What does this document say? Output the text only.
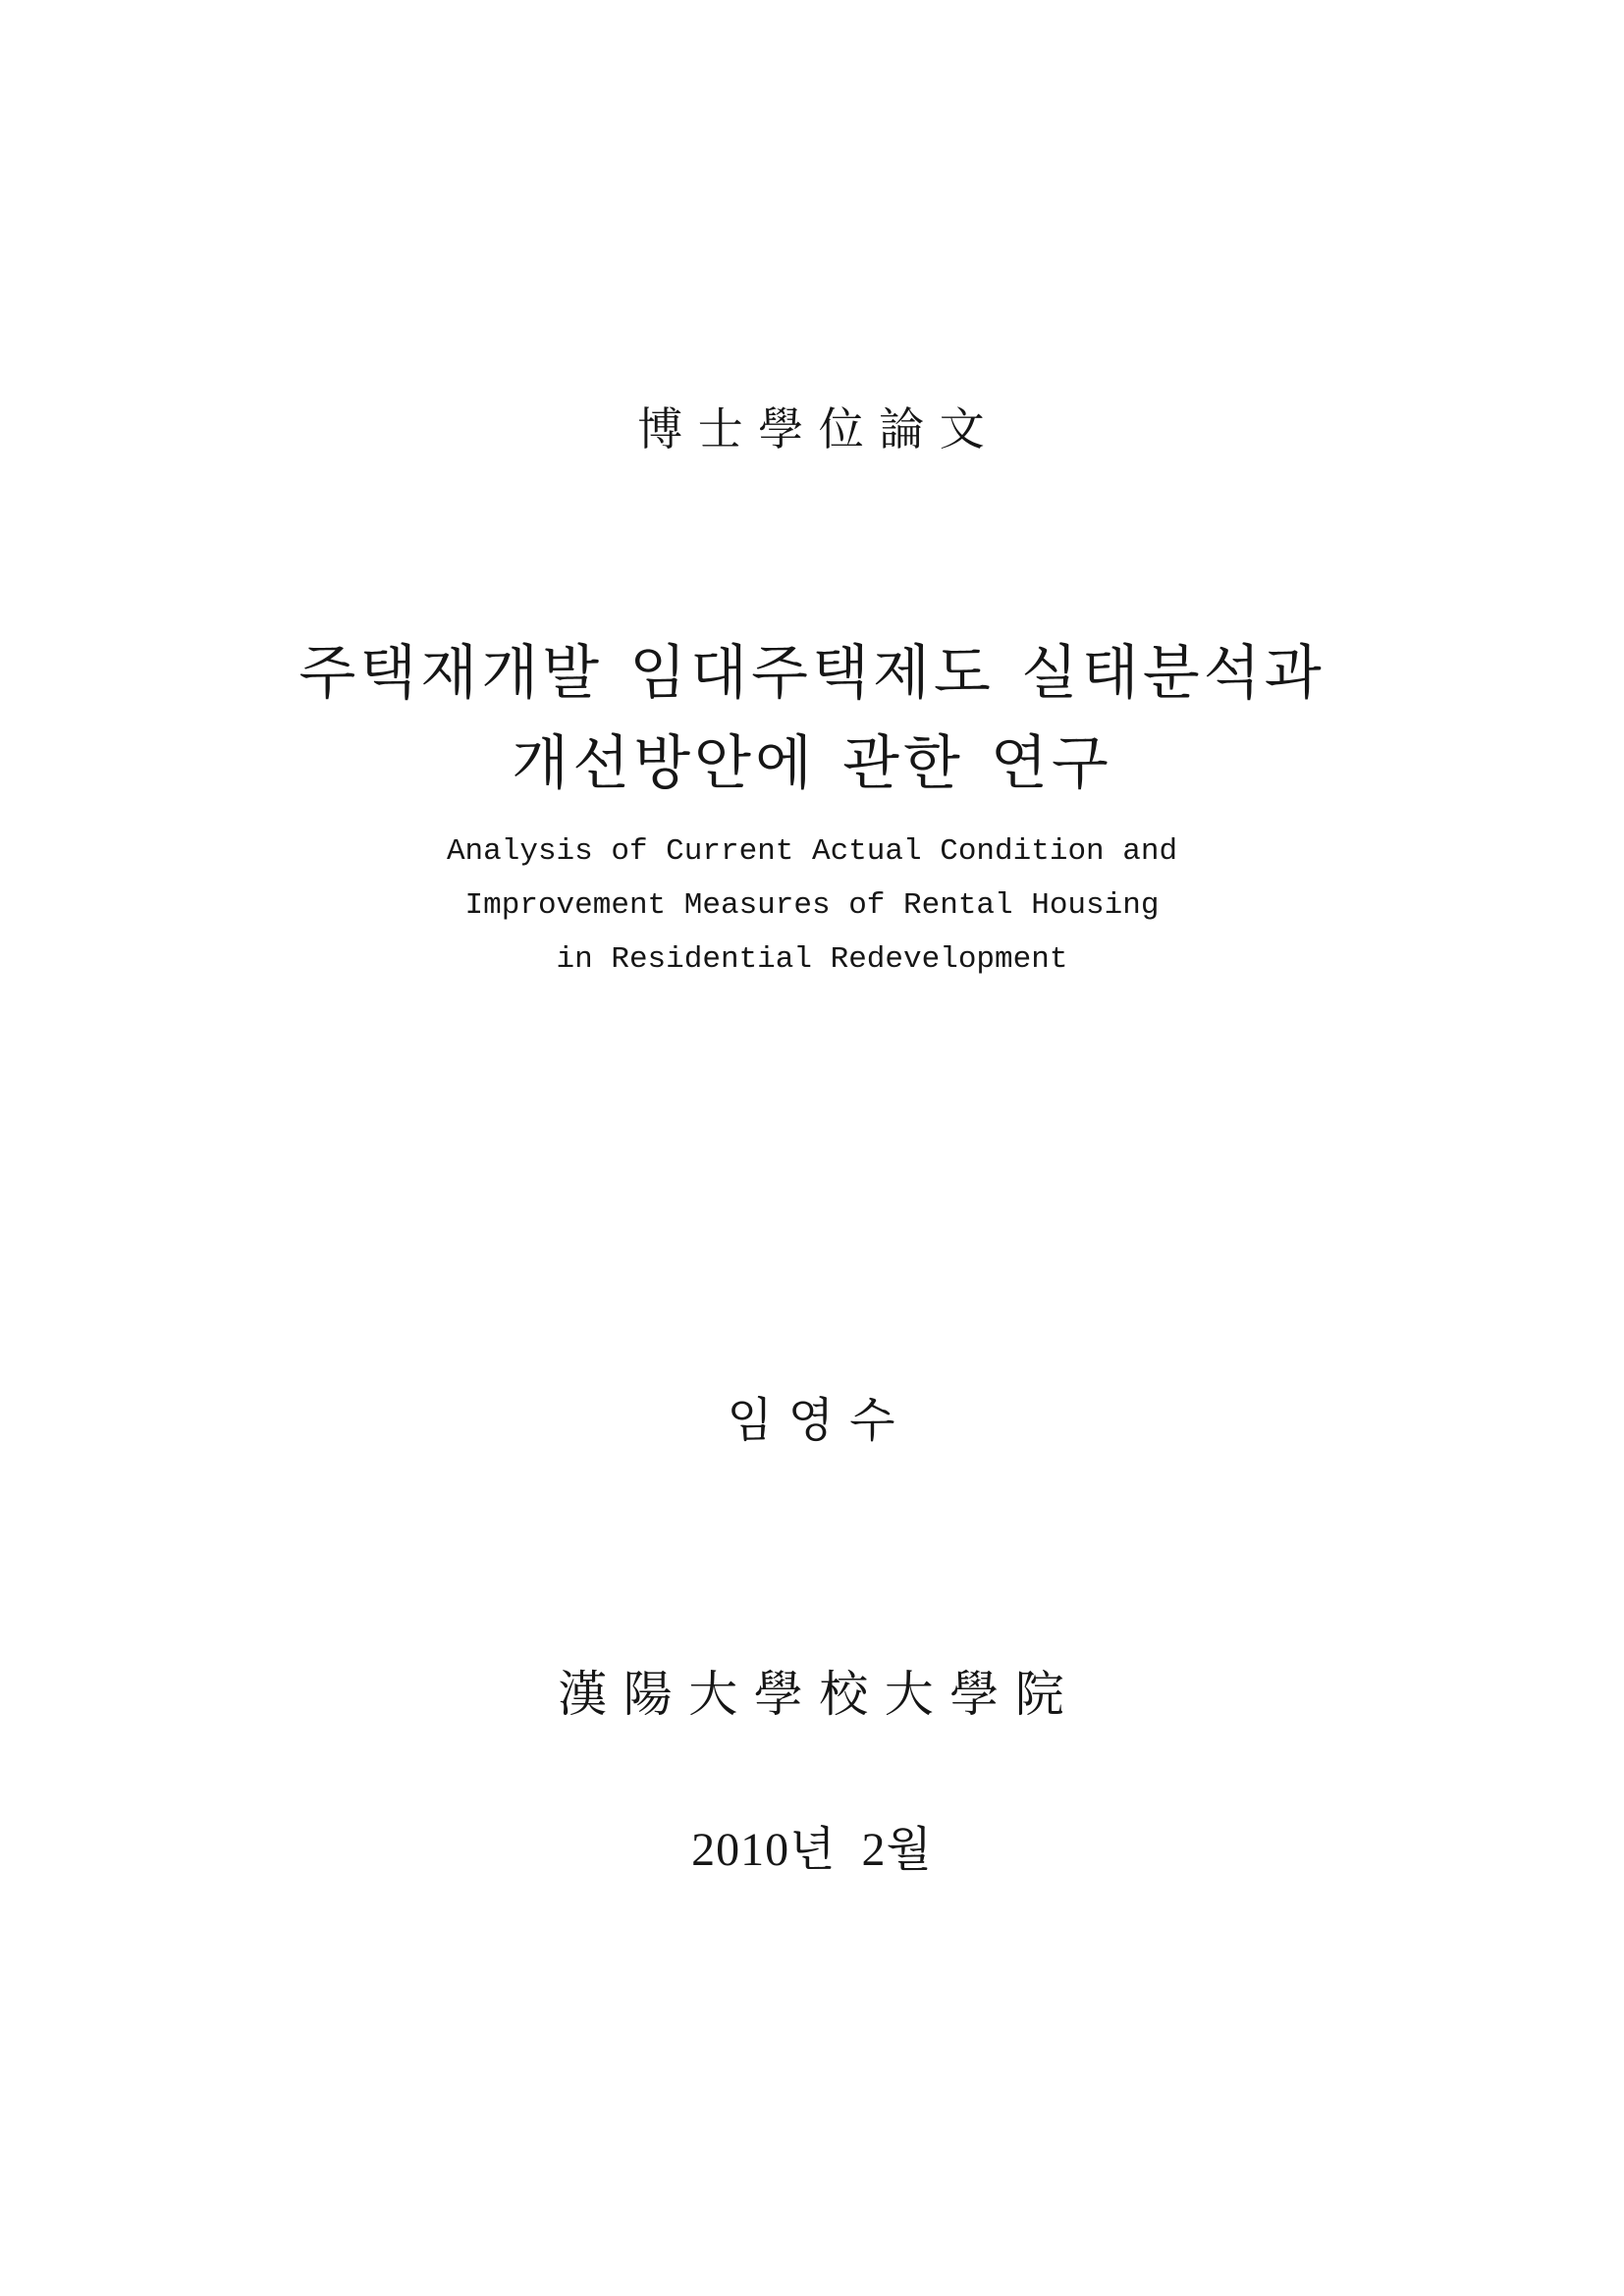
博 士 學 位 論 文
주택재개발 임대주택제도 실태분석과
개선방안에 관한 연구
Analysis of Current Actual Condition and
Improvement Measures of Rental Housing
in Residential Redevelopment
임 영 수
漢 陽 大 學 校 大 學 院
2010년  2월
